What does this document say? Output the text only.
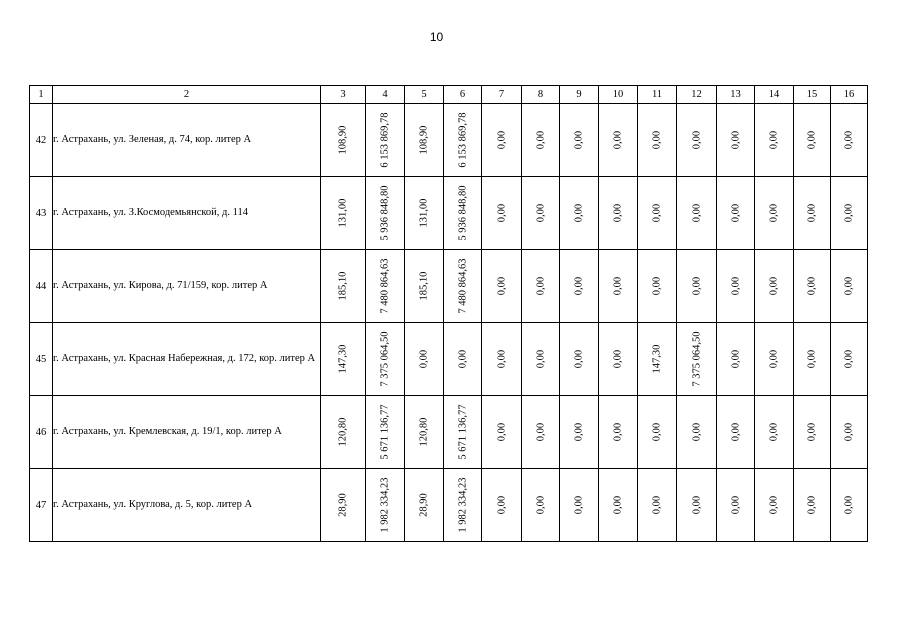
10
1	2	3	4	5	6	7	8	9	10	11	12	13	14	15	16
42	г. Астрахань, ул. Зеленая, д. 74, кор. литер А	108,90	6 153 869,78	108,90	6 153 869,78	0,00	0,00	0,00	0,00	0,00	0,00	0,00	0,00	0,00	0,00

43	г. Астрахань, ул. З.Космодемьянской, д. 114	131,00	5 936 848,80	131,00	5 936 848,80	0,00	0,00	0,00	0,00	0,00	0,00	0,00	0,00	0,00	0,00

44	г. Астрахань, ул. Кирова, д. 71/159, кор. литер А	185,10	7 480 864,63	185,10	7 480 864,63	0,00	0,00	0,00	0,00	0,00	0,00	0,00	0,00	0,00	0,00

45	г. Астрахань, ул. Красная Набережная, д. 172, кор. литер А	147,30	7 375 064,50	0,00	0,00	0,00	0,00	0,00	0,00	147,30	7 375 064,50	0,00	0,00	0,00	0,00

46	г. Астрахань, ул. Кремлевская, д. 19/1, кор. литер А	120,80	5 671 136,77	120,80	5 671 136,77	0,00	0,00	0,00	0,00	0,00	0,00	0,00	0,00	0,00	0,00

47	г. Астрахань, ул. Круглова, д. 5, кор. литер А	28,90	1 982 334,23	28,90	1 982 334,23	0,00	0,00	0,00	0,00	0,00	0,00	0,00	0,00	0,00	0,00
